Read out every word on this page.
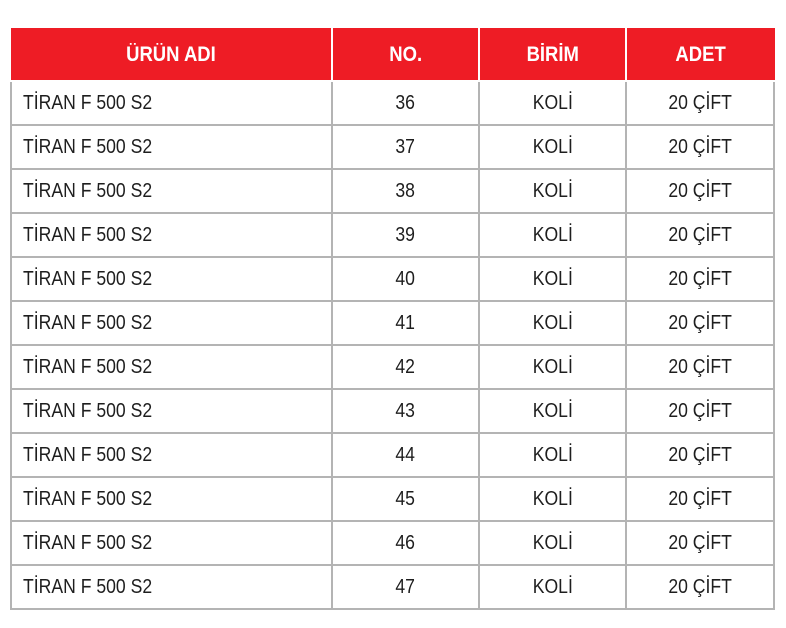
ÜRÜN ADI	NO.	BİRİM	ADET
TİRAN F 500 S2	36	KOLİ	20 ÇİFT
TİRAN F 500 S2	37	KOLİ	20 ÇİFT
TİRAN F 500 S2	38	KOLİ	20 ÇİFT
TİRAN F 500 S2	39	KOLİ	20 ÇİFT
TİRAN F 500 S2	40	KOLİ	20 ÇİFT
TİRAN F 500 S2	41	KOLİ	20 ÇİFT
TİRAN F 500 S2	42	KOLİ	20 ÇİFT
TİRAN F 500 S2	43	KOLİ	20 ÇİFT
TİRAN F 500 S2	44	KOLİ	20 ÇİFT
TİRAN F 500 S2	45	KOLİ	20 ÇİFT
TİRAN F 500 S2	46	KOLİ	20 ÇİFT
TİRAN F 500 S2	47	KOLİ	20 ÇİFT
